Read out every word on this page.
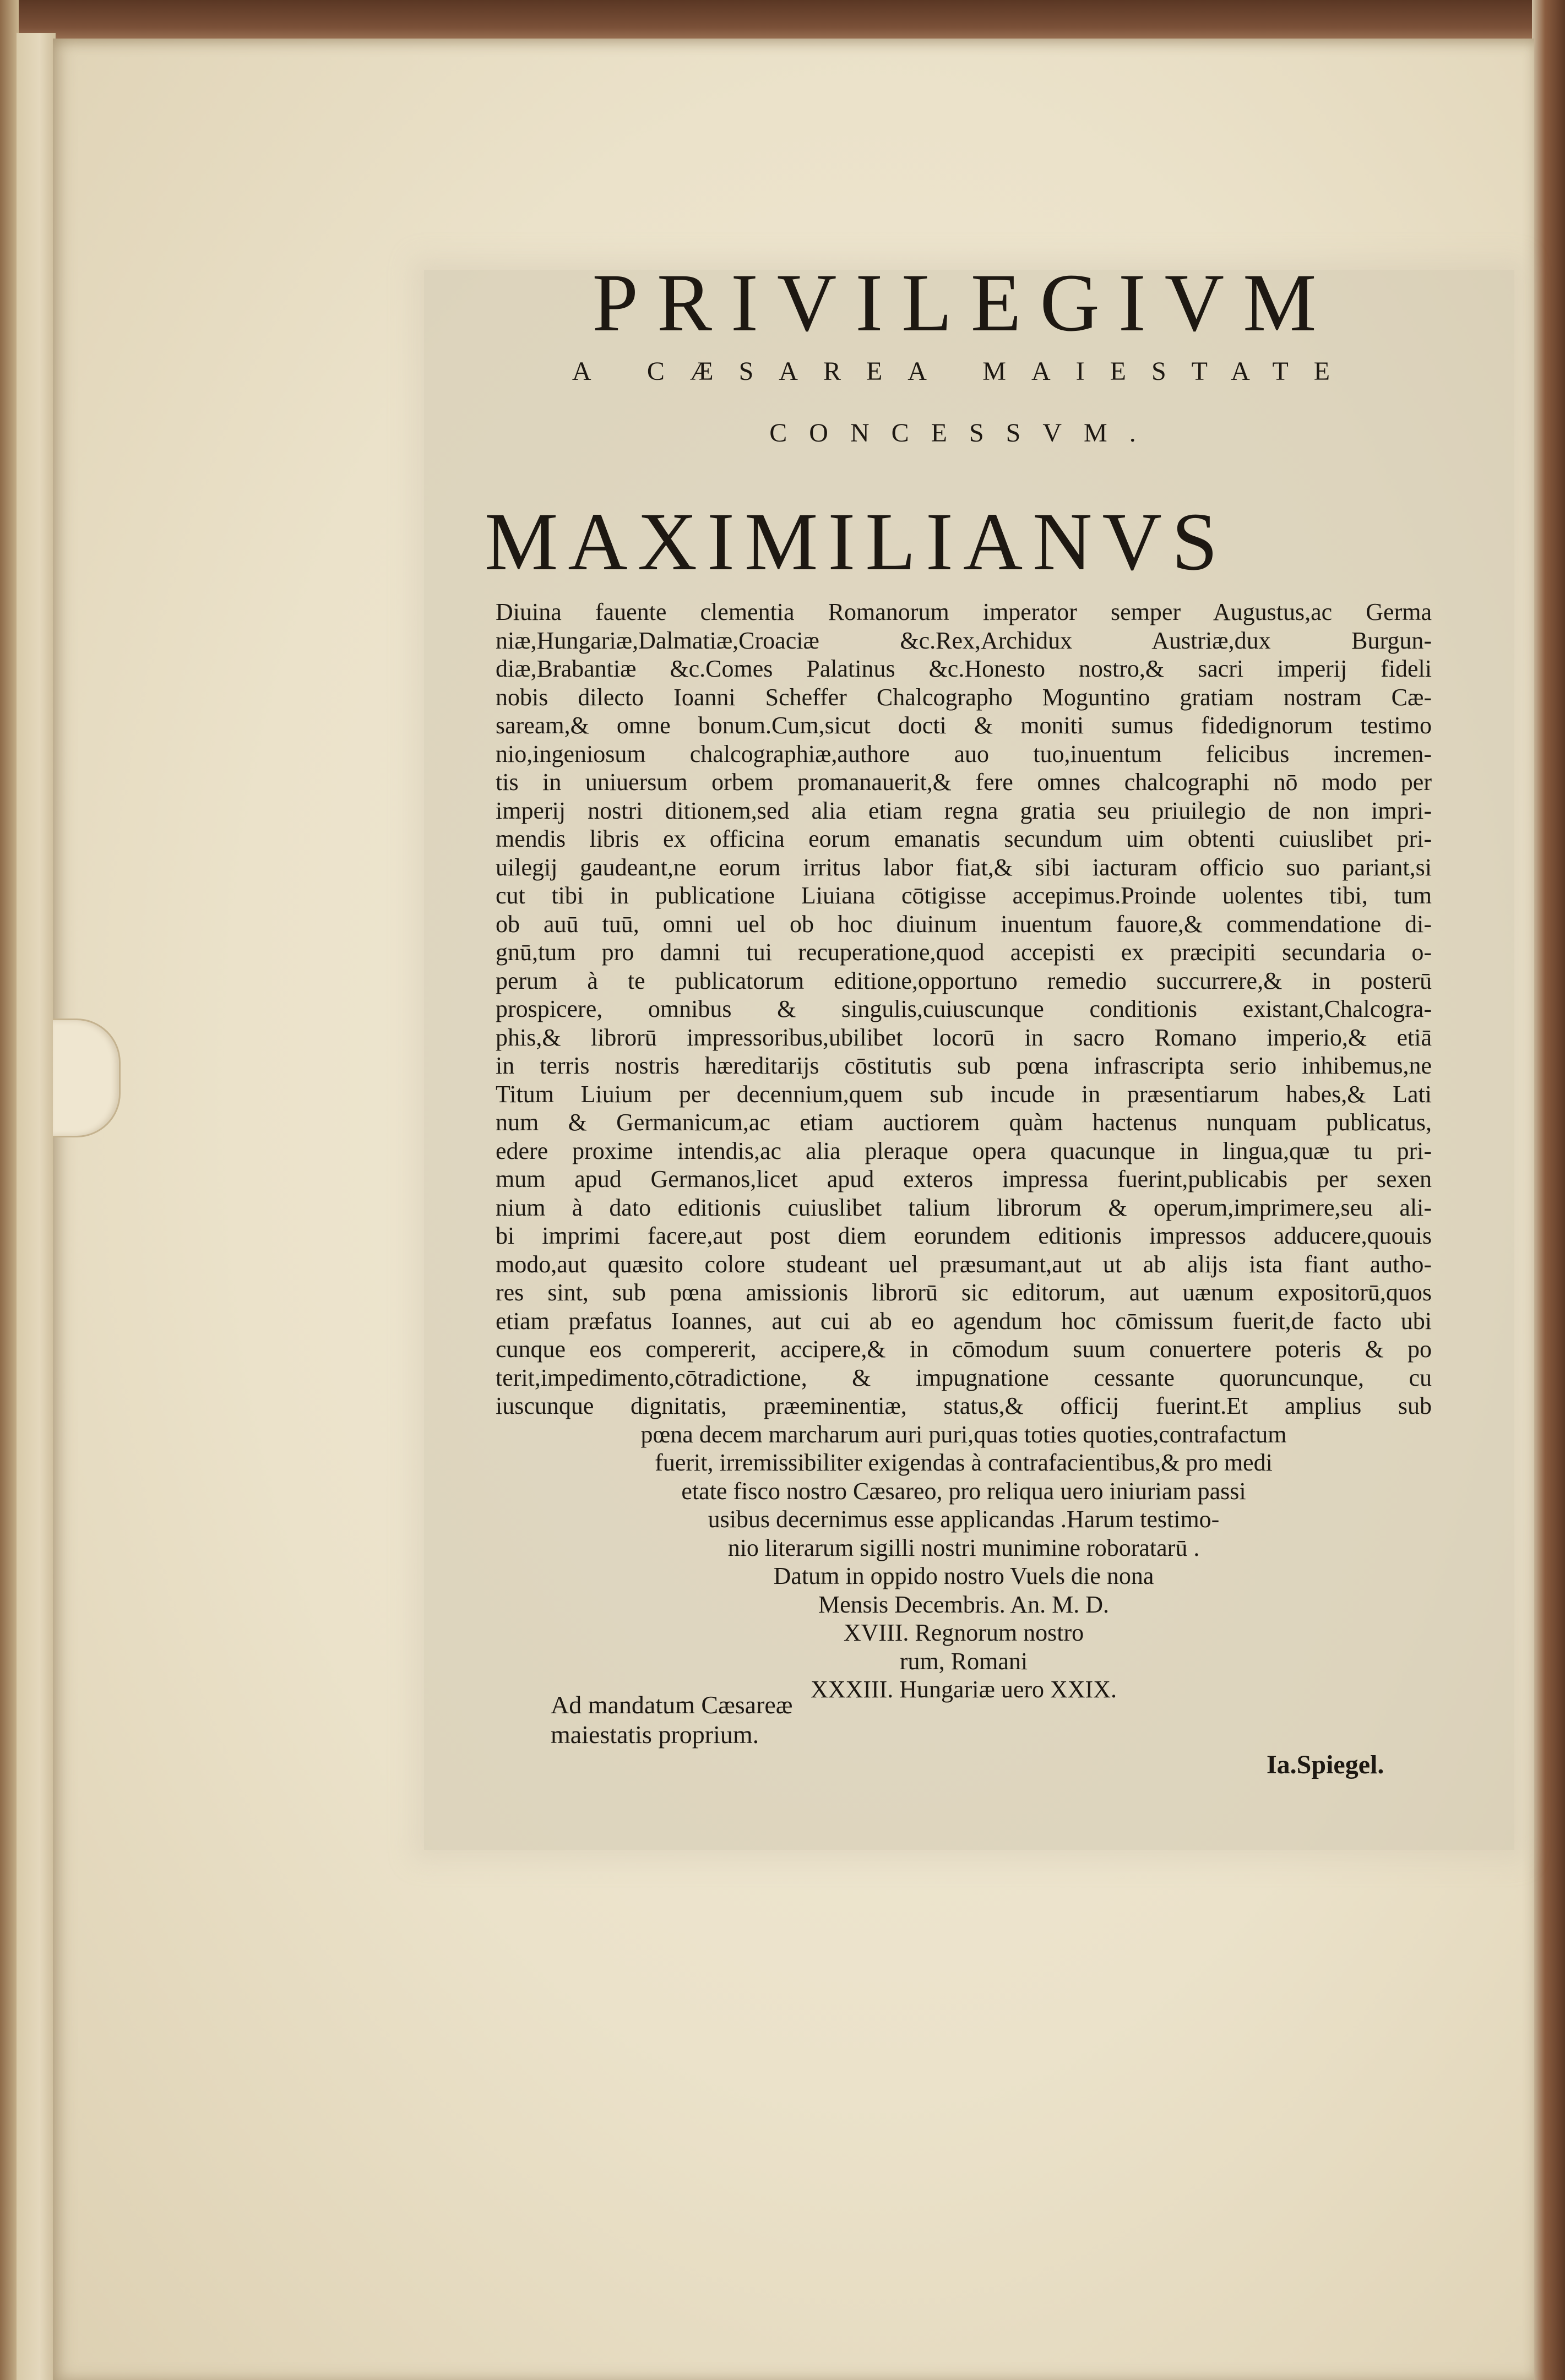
PRIVILEGIVM
A CÆSAREA MAIESTATE
CONCESSVM.
MAXIMILIANVS
Diuina fauente clementia Romanorum imperator semper Augustus,ac Germa
niæ,Hungariæ,Dalmatiæ,Croaciæ &c.Rex,Archidux Austriæ,dux Burgun-
diæ,Brabantiæ &c.Comes Palatinus &c.Honesto nostro,& sacri imperij fideli
nobis dilecto Ioanni Scheffer Chalcographo Moguntino gratiam nostram Cæ-
saream,& omne bonum.Cum,sicut docti & moniti sumus fidedignorum testimo
nio,ingeniosum chalcographiæ,authore auo tuo,inuentum felicibus incremen-
tis in uniuersum orbem promanauerit,& fere omnes chalcographi nō modo per
imperij nostri ditionem,sed alia etiam regna gratia seu priuilegio de non impri-
mendis libris ex officina eorum emanatis secundum uim obtenti cuiuslibet pri-
uilegij gaudeant,ne eorum irritus labor fiat,& sibi iacturam officio suo pariant,si
cut tibi in publicatione Liuiana cōtigisse accepimus.Proinde uolentes tibi, tum
ob auū tuū, omni uel ob hoc diuinum inuentum fauore,& commendatione di-
gnū,tum pro damni tui recuperatione,quod accepisti ex præcipiti secundaria o-
perum à te publicatorum editione,opportuno remedio succurrere,& in posterū
prospicere, omnibus & singulis,cuiuscunque conditionis existant,Chalcogra-
phis,& librorū impressoribus,ubilibet locorū in sacro Romano imperio,& etiā
in terris nostris hæreditarijs cōstitutis sub pœna infrascripta serio inhibemus,ne
Titum Liuium per decennium,quem sub incude in præsentiarum habes,& Lati
num & Germanicum,ac etiam auctiorem quàm hactenus nunquam publicatus,
edere proxime intendis,ac alia pleraque opera quacunque in lingua,quæ tu pri-
mum apud Germanos,licet apud exteros impressa fuerint,publicabis per sexen
nium à dato editionis cuiuslibet talium librorum & operum,imprimere,seu ali-
bi imprimi facere,aut post diem eorundem editionis impressos adducere,quouis
modo,aut quæsito colore studeant uel præsumant,aut ut ab alijs ista fiant autho-
res sint, sub pœna amissionis librorū sic editorum, aut uænum expositorū,quos
etiam præfatus Ioannes, aut cui ab eo agendum hoc cōmissum fuerit,de facto ubi
cunque eos compererit, accipere,& in cōmodum suum conuertere poteris & po
terit,impedimento,cōtradictione, & impugnatione cessante quoruncunque, cu
iuscunque dignitatis, præeminentiæ, status,& officij fuerint.Et amplius sub
pœna decem marcharum auri puri,quas toties quoties,contrafactum
fuerit, irremissibiliter exigendas à contrafacientibus,& pro medi
etate fisco nostro Cæsareo, pro reliqua uero iniuriam passi
usibus decernimus esse applicandas .Harum testimo-
nio literarum sigilli nostri munimine roboratarū .
Datum in oppido nostro Vuels die nona
Mensis Decembris. An. M. D.
XVIII. Regnorum nostro
rum, Romani
XXXIII. Hungariæ uero XXIX.
Ad mandatum Cæsareæ
maiestatis proprium.
Ia.Spiegel.
